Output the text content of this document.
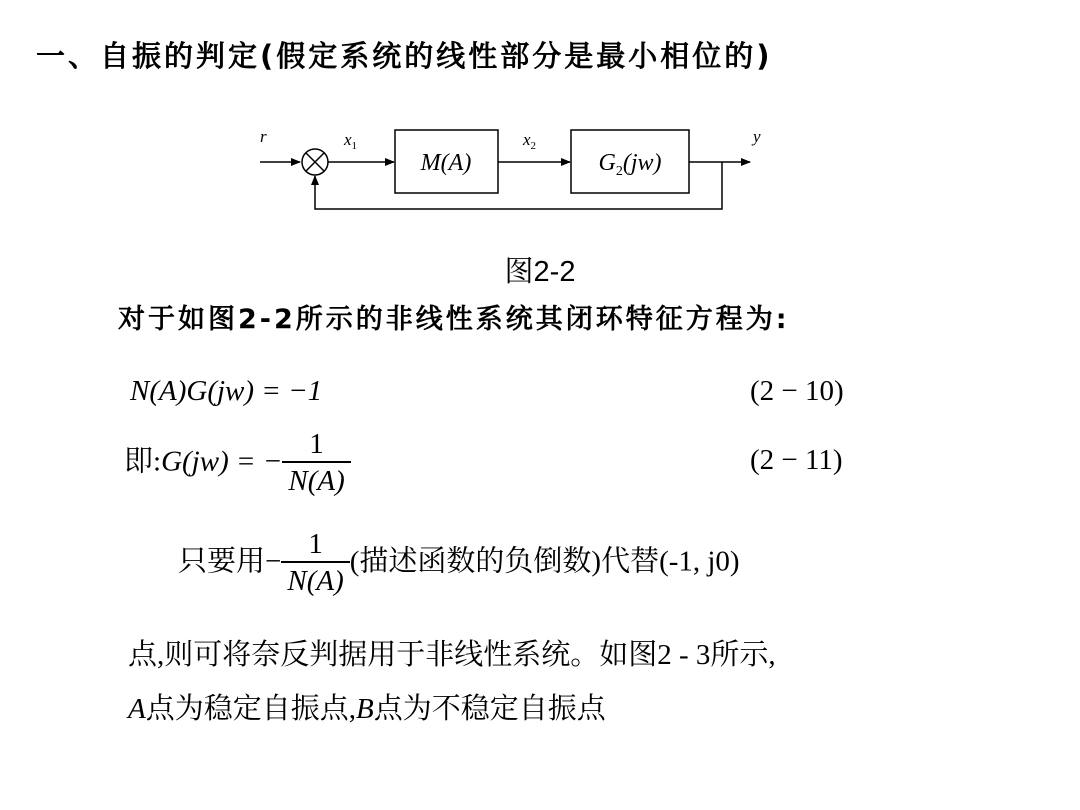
一、自振的判定(假定系统的线性部分是最小相位的)
r	$x_1$	$x_2$	y
M(A)	$G_2(jw)$
图2-2
对于如图2-2所示的非线性系统其闭环特征方程为:
N(A)G(jw) = −1	(2 − 10)
即:G(jw) = − $\frac{1}{N(A)}$	(2 − 11)
只要用− $\frac{1}{N(A)}$ (描述函数的负倒数)代替(-1, j0)
点,则可将奈反判据用于非线性系统。如图2 - 3所示,
A点为稳定自振点,B点为不稳定自振点
